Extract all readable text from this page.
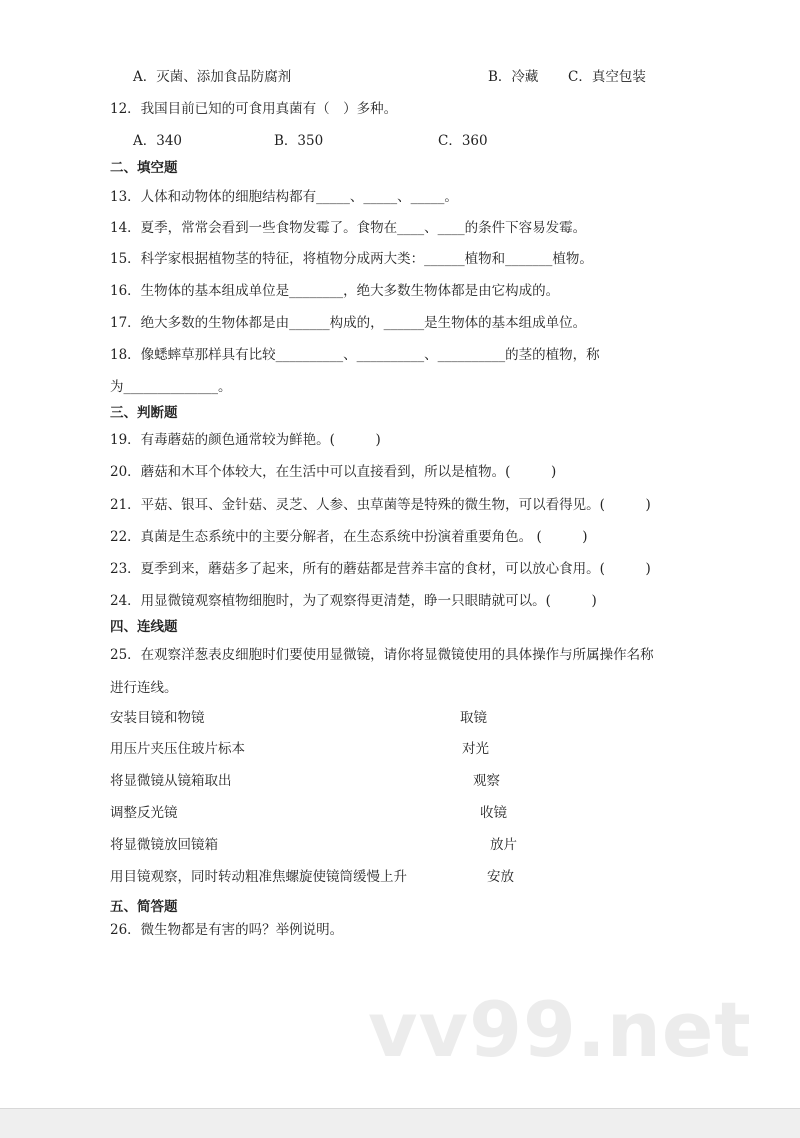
A．灭菌、添加食品防腐剂	B．冷藏 C．真空包装
12．我国目前已知的可食用真菌有（　）多种。
A．340	B．350	C．360
二、填空题
13．人体和动物体的细胞结构都有_____、_____、_____。
14．夏季，常常会看到一些食物发霉了。食物在____、____的条件下容易发霉。
15．科学家根据植物茎的特征，将植物分成两大类：______植物和_______植物。
16．生物体的基本组成单位是________，绝大多数生物体都是由它构成的。
17．绝大多数的生物体都是由______构成的，______是生物体的基本组成单位。
18．像蟋蟀草那样具有比较__________、__________、__________的茎的植物，称
为______________。
三、判断题
19．有毒蘑菇的颜色通常较为鲜艳。(　　　)
20．蘑菇和木耳个体较大，在生活中可以直接看到，所以是植物。(　　　)
21．平菇、银耳、金针菇、灵芝、人参、虫草菌等是特殊的微生物，可以看得见。(　　　)
22．真菌是生态系统中的主要分解者，在生态系统中扮演着重要角色。 (　　　)
23．夏季到来，蘑菇多了起来，所有的蘑菇都是营养丰富的食材，可以放心食用。(　　　)
24．用显微镜观察植物细胞时，为了观察得更清楚，睁一只眼睛就可以。(　　　)
四、连线题
25．在观察洋葱表皮细胞时们要使用显微镜，请你将显微镜使用的具体操作与所属操作名称
进行连线。
安装目镜和物镜
用压片夹压住玻片标本
将显微镜从镜箱取出
调整反光镜
将显微镜放回镜箱
用目镜观察，同时转动粗准焦螺旋使镜筒缓慢上升
取镜
对光
观察
收镜
放片
安放
五、简答题
26．微生物都是有害的吗？举例说明。
vv99.net
